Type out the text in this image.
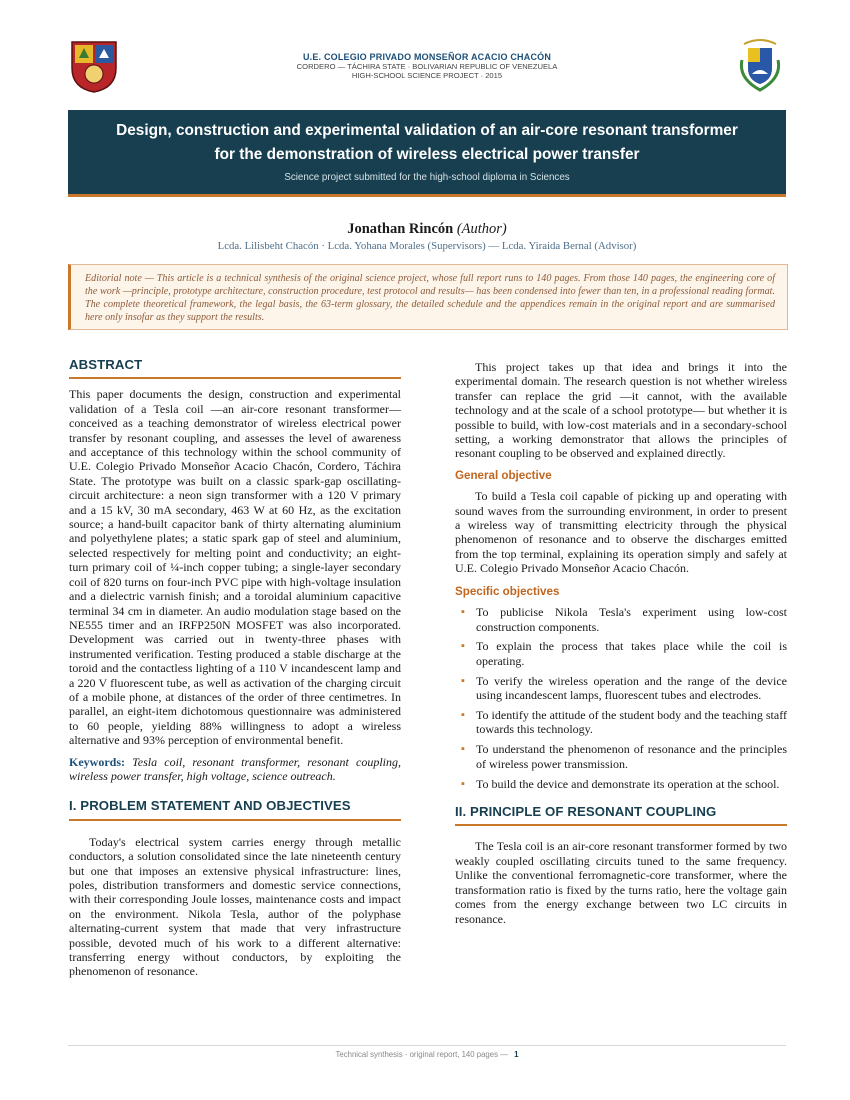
U.E. COLEGIO PRIVADO MONSEÑOR ACACIO CHACÓN
CORDERO — TÁCHIRA STATE · BOLIVARIAN REPUBLIC OF VENEZUELA
HIGH-SCHOOL SCIENCE PROJECT · 2015
Design, construction and experimental validation of an air-core resonant transformer
for the demonstration of wireless electrical power transfer
Science project submitted for the high-school diploma in Sciences
Jonathan Rincón (Author)
Lcda. Lilisbeht Chacón · Lcda. Yohana Morales (Supervisors) — Lcda. Yiraida Bernal (Advisor)
Editorial note — This article is a technical synthesis of the original science project, whose full report runs to 140 pages. From those 140 pages, the engineering core of the work —principle, prototype architecture, construction procedure, test protocol and results— has been condensed into fewer than ten, in a professional reading format. The complete theoretical framework, the legal basis, the 63-term glossary, the detailed schedule and the appendices remain in the original report and are summarised here only insofar as they support the results.
ABSTRACT

This paper documents the design, construction and experimental validation of a Tesla coil —an air-core resonant transformer— conceived as a teaching demonstrator of wireless electrical power transfer by resonant coupling, and assesses the level of awareness and acceptance of this technology within the school community of U.E. Colegio Privado Monseñor Acacio Chacón, Cordero, Táchira State. The prototype was built on a classic spark-gap oscillating-circuit architecture: a neon sign transformer with a 120 V primary and a 15 kV, 30 mA secondary, 463 W at 60 Hz, as the excitation source; a hand-built capacitor bank of thirty alternating aluminium and polyethylene plates; a static spark gap of steel and aluminium, selected respectively for melting point and conductivity; an eight-turn primary coil of ¼-inch copper tubing; a single-layer secondary coil of 820 turns on four-inch PVC pipe with high-voltage insulation and a dielectric varnish finish; and a toroidal aluminium capacitive terminal 34 cm in diameter. An audio modulation stage based on the NE555 timer and an IRFP250N MOSFET was also incorporated. Development was carried out in twenty-three phases with instrumented verification. Testing produced a stable discharge at the toroid and the contactless lighting of a 110 V incandescent lamp and a 220 V fluorescent tube, as well as activation of the charging circuit of a mobile phone, at distances of the order of three centimetres. In parallel, an eight-item dichotomous questionnaire was administered to 60 people, yielding 88% willingness to adopt a wireless alternative and 93% perception of environmental benefit.

Keywords: Tesla coil, resonant transformer, resonant coupling, wireless power transfer, high voltage, science outreach.

I. PROBLEM STATEMENT AND OBJECTIVES

Today's electrical system carries energy through metallic conductors, a solution consolidated since the late nineteenth century but one that imposes an extensive physical infrastructure: lines, poles, distribution transformers and domestic service connections, with their corresponding Joule losses, maintenance costs and impact on the environment. Nikola Tesla, author of the polyphase alternating-current system that made that very infrastructure possible, devoted much of his work to a different alternative: transferring energy without conductors, by exploiting the phenomenon of resonance.

This project takes up that idea and brings it into the experimental domain. The research question is not whether wireless transfer can replace the grid —it cannot, with the available technology and at the scale of a school prototype— but whether it is possible to build, with low-cost materials and in a secondary-school setting, a working demonstrator that allows the principles of resonant coupling to be observed and explained directly.

General objective

To build a Tesla coil capable of picking up and operating with sound waves from the surrounding environment, in order to present a wireless way of transmitting electricity through the physical phenomenon of resonance and to observe the discharges emitted from the top terminal, explaining its operation simply and safely at U.E. Colegio Privado Monseñor Acacio Chacón.

Specific objectives
▪ To publicise Nikola Tesla's experiment using low-cost construction components.
▪ To explain the process that takes place while the coil is operating.
▪ To verify the wireless operation and the range of the device using incandescent lamps, fluorescent tubes and electrodes.
▪ To identify the attitude of the student body and the teaching staff towards this technology.
▪ To understand the phenomenon of resonance and the principles of wireless power transmission.
▪ To build the device and demonstrate its operation at the school.
II. PRINCIPLE OF RESONANT COUPLING

The Tesla coil is an air-core resonant transformer formed by two weakly coupled oscillating circuits tuned to the same frequency. Unlike the conventional ferromagnetic-core transformer, where the transformation ratio is fixed by the turns ratio, here the voltage gain comes from the energy exchange between two LC circuits in resonance.

Technical synthesis · original report, 140 pages — 1
